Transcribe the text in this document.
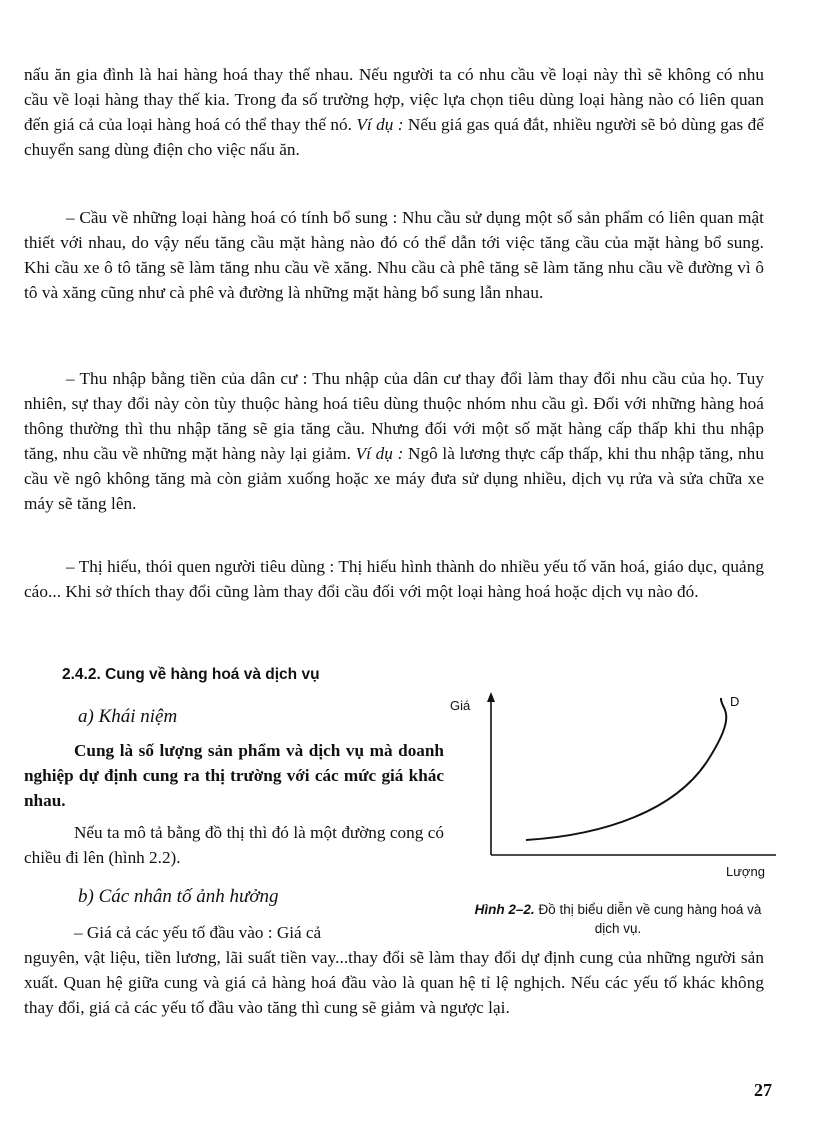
nấu ăn gia đình là hai hàng hoá thay thế nhau. Nếu người ta có nhu cầu về loại này thì sẽ không có nhu cầu về loại hàng thay thế kia. Trong đa số trường hợp, việc lựa chọn tiêu dùng loại hàng nào có liên quan đến giá cả của loại hàng hoá có thể thay thế nó. Ví dụ : Nếu giá gas quá đắt, nhiều người sẽ bỏ dùng gas để chuyển sang dùng điện cho việc nấu ăn.
– Cầu về những loại hàng hoá có tính bổ sung : Nhu cầu sử dụng một số sản phẩm có liên quan mật thiết với nhau, do vậy nếu tăng cầu mặt hàng nào đó có thể dẫn tới việc tăng cầu của mặt hàng bổ sung. Khi cầu xe ô tô tăng sẽ làm tăng nhu cầu về xăng. Nhu cầu cà phê tăng sẽ làm tăng nhu cầu về đường vì ô tô và xăng cũng như cà phê và đường là những mặt hàng bổ sung lẫn nhau.
– Thu nhập bằng tiền của dân cư : Thu nhập của dân cư thay đổi làm thay đổi nhu cầu của họ. Tuy nhiên, sự thay đổi này còn tùy thuộc hàng hoá tiêu dùng thuộc nhóm nhu cầu gì. Đối với những hàng hoá thông thường thì thu nhập tăng sẽ gia tăng cầu. Nhưng đối với một số mặt hàng cấp thấp khi thu nhập tăng, nhu cầu về những mặt hàng này lại giảm. Ví dụ : Ngô là lương thực cấp thấp, khi thu nhập tăng, nhu cầu về ngô không tăng mà còn giảm xuống hoặc xe máy đưa sử dụng nhiều, dịch vụ rửa và sửa chữa xe máy sẽ tăng lên.
– Thị hiếu, thói quen người tiêu dùng : Thị hiếu hình thành do nhiều yếu tố văn hoá, giáo dục, quảng cáo... Khi sở thích thay đổi cũng làm thay đổi cầu đối với một loại hàng hoá hoặc dịch vụ nào đó.
2.4.2. Cung về hàng hoá và dịch vụ
a) Khái niệm
Cung là số lượng sản phẩm và dịch vụ mà doanh nghiệp dự định cung ra thị trường với các mức giá khác nhau.
Nếu ta mô tả bằng đồ thị thì đó là một đường cong có chiều đi lên (hình 2.2).
b) Các nhân tố ảnh hưởng
– Giá cả các yếu tố đầu vào : Giá cả
nguyên, vật liệu, tiền lương, lãi suất tiền vay...thay đổi sẽ làm thay đổi dự định cung của những người sản xuất. Quan hệ giữa cung và giá cả hàng hoá đầu vào là quan hệ tỉ lệ nghịch. Nếu các yếu tố khác không thay đổi, giá cả các yếu tố đầu vào tăng thì cung sẽ giảm và ngược lại.
Giá
Lượng
D
Hình 2–2. Đồ thị biểu diễn về cung hàng hoá và dịch vụ.
27
